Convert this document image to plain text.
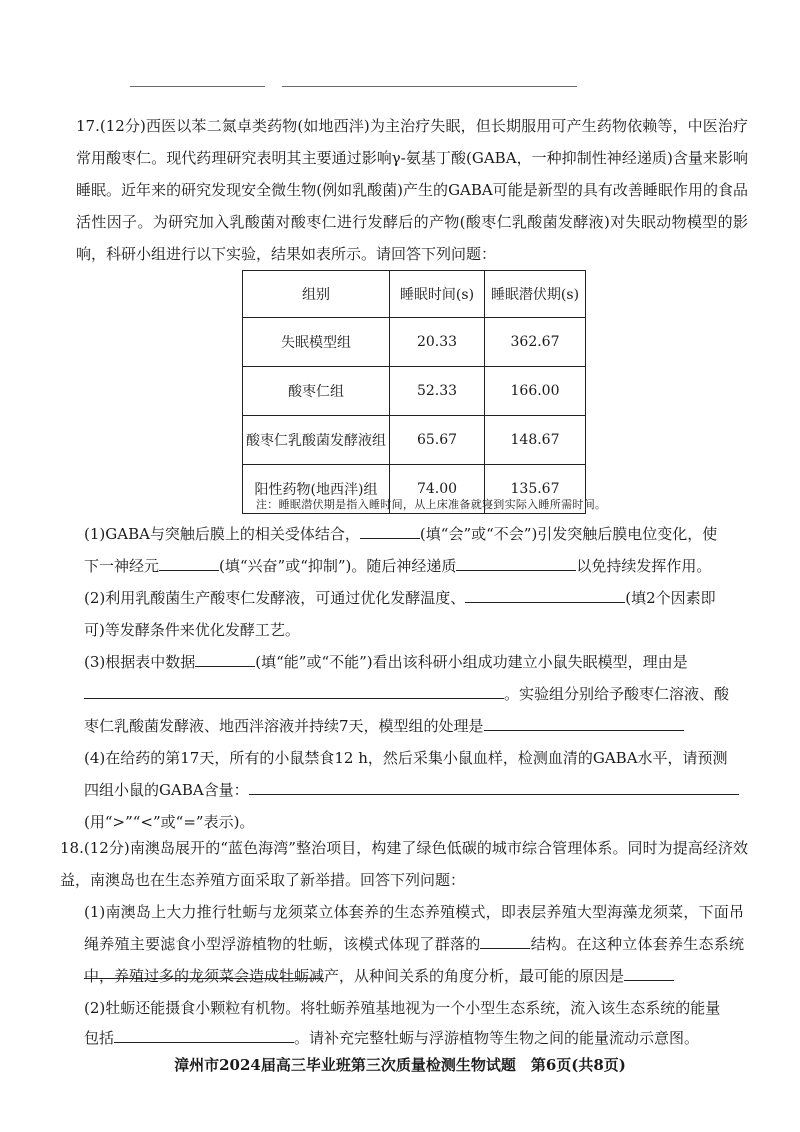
17.(12分)西医以苯二氮卓类药物(如地西泮)为主治疗失眠，但长期服用可产生药物依赖等，中医治疗常用酸枣仁。现代药理研究表明其主要通过影响γ-氨基丁酸(GABA，一种抑制性神经递质)含量来影响睡眠。近年来的研究发现安全微生物(例如乳酸菌)产生的GABA可能是新型的具有改善睡眠作用的食品活性因子。为研究加入乳酸菌对酸枣仁进行发酵后的产物(酸枣仁乳酸菌发酵液)对失眠动物模型的影响，科研小组进行以下实验，结果如表所示。请回答下列问题：
组别	睡眠时间(s)	睡眠潜伏期(s)
失眠模型组	20.33	362.67
酸枣仁组	52.33	166.00
酸枣仁乳酸菌发酵液组	65.67	148.67
阳性药物(地西泮)组	74.00	135.67
注：睡眠潜伏期是指入睡时间，从上床准备就寝到实际入睡所需时间。
(1)GABA与突触后膜上的相关受体结合，	(填“会”或“不会”)引发突触后膜电位变化，使
下一神经元	(填“兴奋”或“抑制”)。随后神经递质	以免持续发挥作用。
(2)利用乳酸菌生产酸枣仁发酵液，可通过优化发酵温度、	(填2个因素即
可)等发酵条件来优化发酵工艺。
(3)根据表中数据	(填“能”或“不能”)看出该科研小组成功建立小鼠失眠模型，理由是
。实验组分别给予酸枣仁溶液、酸
枣仁乳酸菌发酵液、地西泮溶液并持续7天，模型组的处理是
(4)在给药的第17天，所有的小鼠禁食12 h，然后采集小鼠血样，检测血清的GABA水平，请预测
四组小鼠的GABA含量：
(用“>”“<”或“=”表示)。
18.(12分)南澳岛展开的“蓝色海湾”整治项目，构建了绿色低碳的城市综合管理体系。同时为提高经济效益，南澳岛也在生态养殖方面采取了新举措。回答下列问题：
(1)南澳岛上大力推行牡蛎与龙须菜立体套养的生态养殖模式，即表层养殖大型海藻龙须菜，下面吊绳养殖主要滤食小型浮游植物的牡蛎，该模式体现了群落的	结构。在这种立体套养生态系统中，养殖过多的龙须菜会造成牡蛎减产，从种间关系的角度分析，最可能的原因是
(2)牡蛎还能摄食小颗粒有机物。将牡蛎养殖基地视为一个小型生态系统，流入该生态系统的能量
包括	。请补充完整牡蛎与浮游植物等生物之间的能量流动示意图。
漳州市2024届高三毕业班第三次质量检测生物试题　第6页(共8页)
